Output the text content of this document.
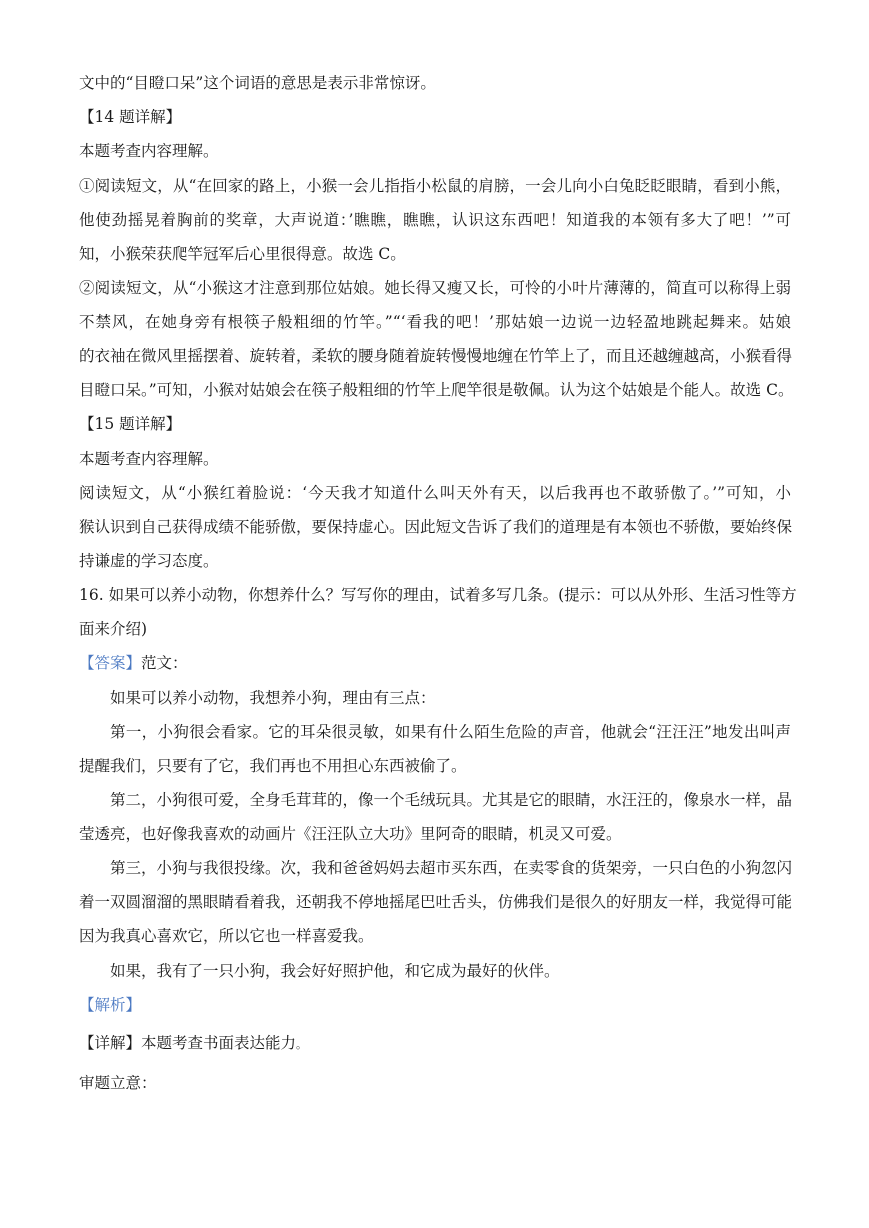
文中的“目瞪口呆”这个词语的意思是表示非常惊讶。
【14 题详解】
本题考查内容理解。
①阅读短文，从“在回家的路上，小猴一会儿指指小松鼠的肩膀，一会儿向小白兔眨眨眼睛，看到小熊，
他使劲摇晃着胸前的奖章，大声说道：’瞧瞧，瞧瞧，认识这东西吧！知道我的本领有多大了吧！’”可
知，小猴荣获爬竿冠军后心里很得意。故选 C。
②阅读短文，从“小猴这才注意到那位姑娘。她长得又瘦又长，可怜的小叶片薄薄的，简直可以称得上弱
不禁风，在她身旁有根筷子般粗细的竹竿。”“‘看我的吧！’那姑娘一边说一边轻盈地跳起舞来。姑娘
的衣袖在微风里摇摆着、旋转着，柔软的腰身随着旋转慢慢地缠在竹竿上了，而且还越缠越高，小猴看得
目瞪口呆。”可知，小猴对姑娘会在筷子般粗细的竹竿上爬竿很是敬佩。认为这个姑娘是个能人。故选 C。
【15 题详解】
本题考查内容理解。
阅读短文，从“小猴红着脸说：‘今天我才知道什么叫天外有天，以后我再也不敢骄傲了。’”可知，小
猴认识到自己获得成绩不能骄傲，要保持虚心。因此短文告诉了我们的道理是有本领也不骄傲，要始终保
持谦虚的学习态度。
16. 如果可以养小动物，你想养什么？写写你的理由，试着多写几条。(提示：可以从外形、生活习性等方
面来介绍)
【答案】范文：
如果可以养小动物，我想养小狗，理由有三点：
第一，小狗很会看家。它的耳朵很灵敏，如果有什么陌生危险的声音，他就会“汪汪汪”地发出叫声
提醒我们，只要有了它，我们再也不用担心东西被偷了。
第二，小狗很可爱，全身毛茸茸的，像一个毛绒玩具。尤其是它的眼睛，水汪汪的，像泉水一样，晶
莹透亮，也好像我喜欢的动画片《汪汪队立大功》里阿奇的眼睛，机灵又可爱。
第三，小狗与我很投缘。次，我和爸爸妈妈去超市买东西，在卖零食的货架旁，一只白色的小狗忽闪
着一双圆溜溜的黑眼睛看着我，还朝我不停地摇尾巴吐舌头，仿佛我们是很久的好朋友一样，我觉得可能
因为我真心喜欢它，所以它也一样喜爱我。
如果，我有了一只小狗，我会好好照护他，和它成为最好的伙伴。
【解析】
【详解】本题考查书面表达能力。
审题立意：
